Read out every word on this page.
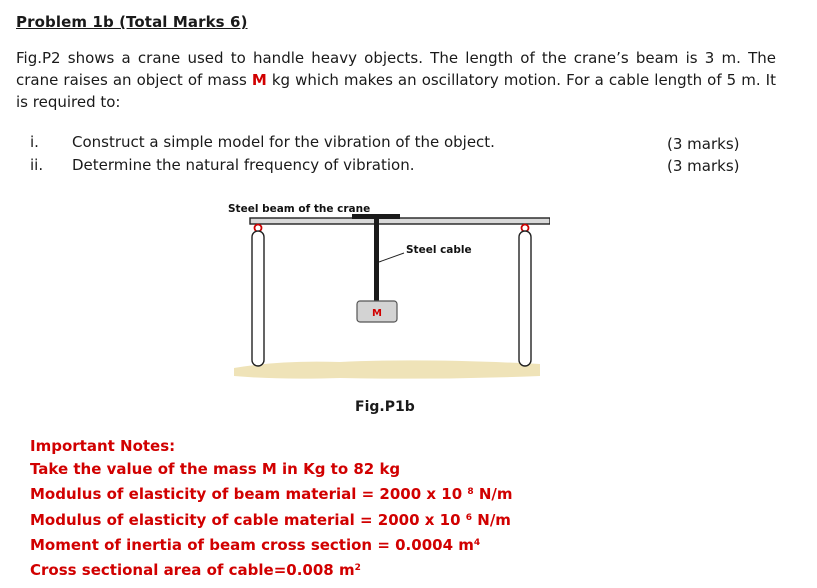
Problem 1b (Total Marks 6)
Fig.P2 shows a crane used to handle heavy objects. The length of the crane’s beam is 3 m. The crane raises an object of mass M kg which makes an oscillatory motion. For a cable length of 5 m. It is required to:
i. Construct a simple model for the vibration of the object.	(3 marks)
ii. Determine the natural frequency of vibration.	(3 marks)
M
Steel beam of the crane
Steel cable
Fig.P1b
Important Notes:
Take the value of the mass M in Kg to 82 kg
Modulus of elasticity of beam material = 2000 x 10 $^8$ N/m
Modulus of elasticity of cable material = 2000 x 10 $^6$ N/m
Moment of inertia of beam cross section = 0.0004 $m^4$
Cross sectional area of cable=0.008 $m^2$
